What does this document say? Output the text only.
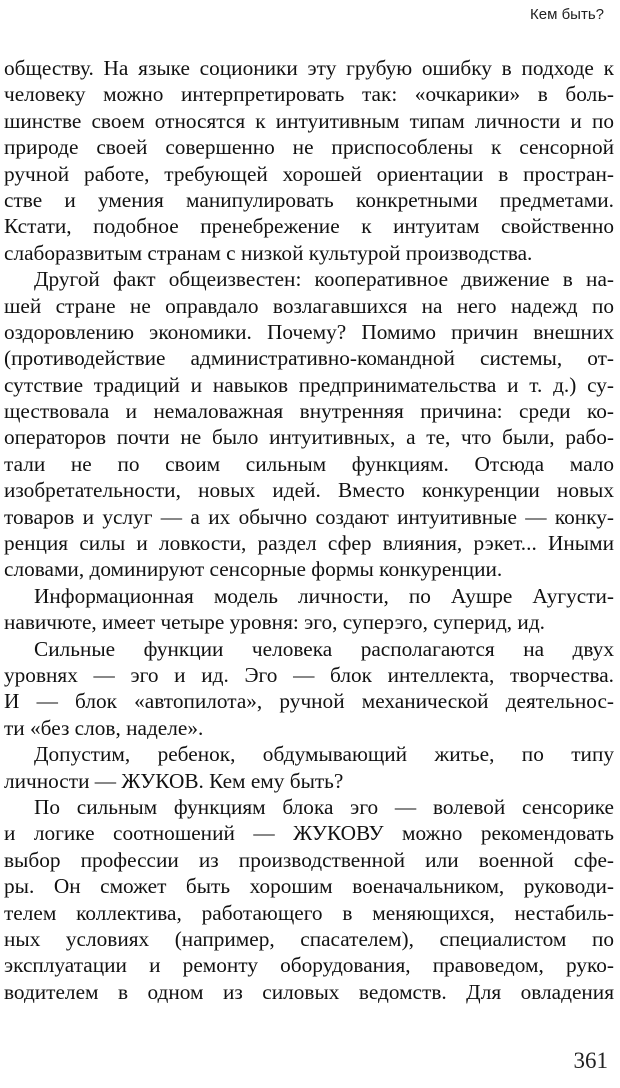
Кем быть?
обществу. На языке соционики эту грубую ошибку в подходе к
человеку можно интерпретировать так: «очкарики» в боль-
шинстве своем относятся к интуитивным типам личности и по
природе своей совершенно не приспособлены к сенсорной
ручной работе, требующей хорошей ориентации в простран-
стве и умения манипулировать конкретными предметами.
Кстати, подобное пренебрежение к интуитам свойственно
слаборазвитым странам с низкой культурой производства.
Другой факт общеизвестен: кооперативное движение в на-
шей стране не оправдало возлагавшихся на него надежд по
оздоровлению экономики. Почему? Помимо причин внешних
(противодействие административно-командной системы, от-
сутствие традиций и навыков предпринимательства и т. д.) су-
ществовала и немаловажная внутренняя причина: среди ко-
операторов почти не было интуитивных, а те, что были, рабо-
тали не по своим сильным функциям. Отсюда мало
изобретательности, новых идей. Вместо конкуренции новых
товаров и услуг — а их обычно создают интуитивные — конку-
ренция силы и ловкости, раздел сфер влияния, рэкет... Иными
словами, доминируют сенсорные формы конкуренции.
Информационная модель личности, по Аушре Аугусти-
навичюте, имеет четыре уровня: эго, суперэго, суперид, ид.
Сильные функции человека располагаются на двух
уровнях — эго и ид. Эго — блок интеллекта, творчества.
И — блок «автопилота», ручной механической деятельнос-
ти «без слов, наделе».
Допустим, ребенок, обдумывающий житье, по типу
личности — ЖУКОВ. Кем ему быть?
По сильным функциям блока эго — волевой сенсорике
и логике соотношений — ЖУКОВУ можно рекомендовать
выбор профессии из производственной или военной сфе-
ры. Он сможет быть хорошим военачальником, руководи-
телем коллектива, работающего в меняющихся, нестабиль-
ных условиях (например, спасателем), специалистом по
эксплуатации и ремонту оборудования, правоведом, руко-
водителем в одном из силовых ведомств. Для овладения
361
